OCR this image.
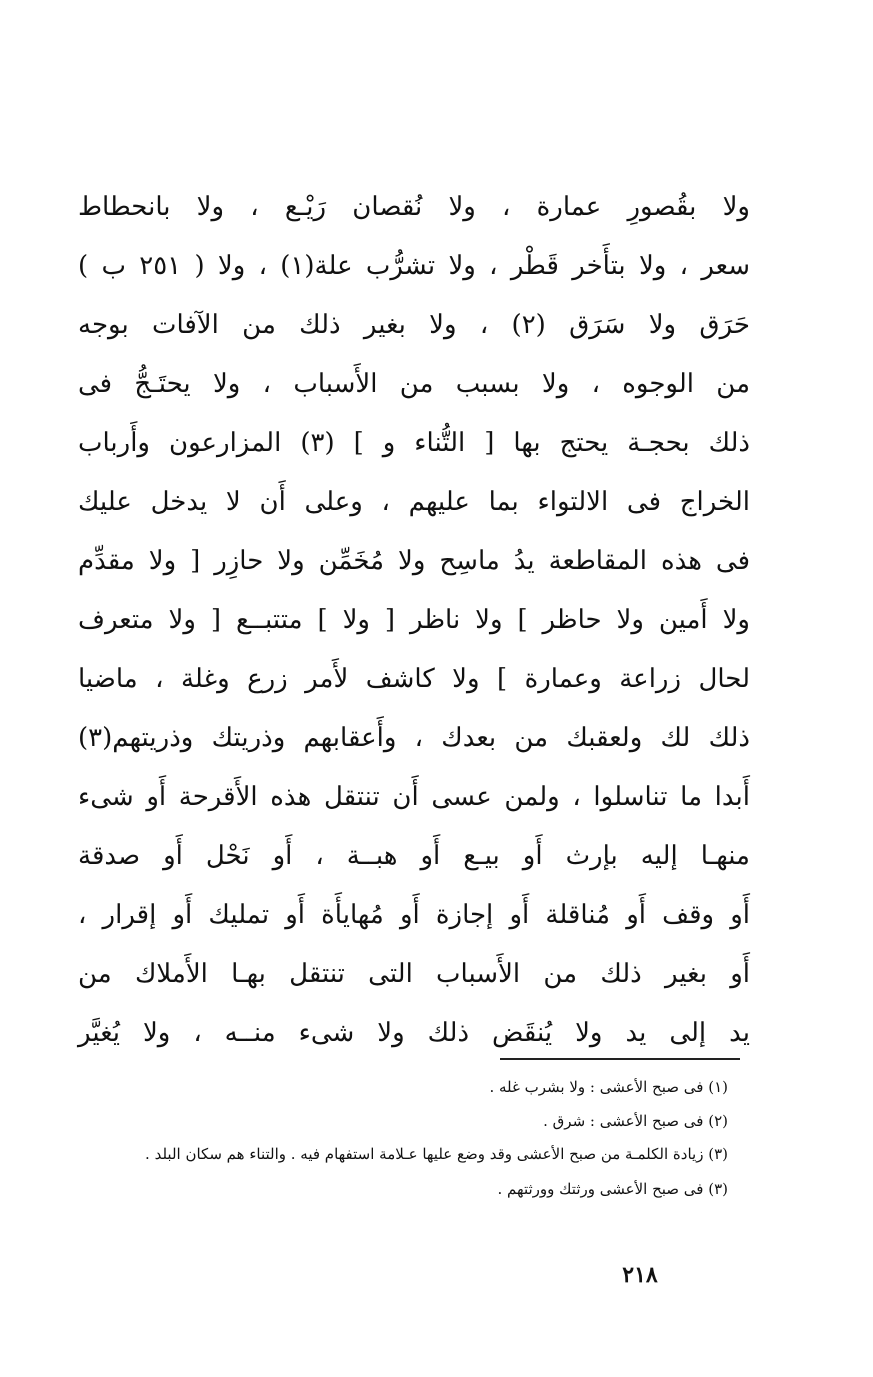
ولا بقُصورِ عمارة ، ولا نُقصان رَيْـع ، ولا بانحطاط
سعر ، ولا بتأَخر قَطْر ، ولا تشرُّب علة(١) ، ولا ( ٢٥١ ب )
حَرَق ولا سَرَق (٢) ، ولا بغير ذلك من الآفات بوجه
من الوجوه ، ولا بسبب من الأَسباب ، ولا يحتَـجُّ فى
ذلك بحجـة يحتج بها [ التُّناء و ] (٣) المزارعون وأَرباب
الخراج فى الالتواء بما عليهم ، وعلى أَن لا يدخل عليك
فى هذه المقاطعة يدُ ماسِح ولا مُخَمِّن ولا حازِر [ ولا مقدِّم
ولا أَمين ولا حاظر ] ولا ناظر [ ولا ] متتبــع [ ولا متعرف
لحال زراعة وعمارة ] ولا كاشف لأَمر زرع وغلة ، ماضيا
ذلك لك ولعقبك من بعدك ، وأَعقابهم وذريتك وذريتهم(٣)
أَبدا ما تناسلوا ، ولمن عسى أَن تنتقل هذه الأَقرحة أَو شىء
منهـا إليه بإرث أَو بيـع أَو هبــة ، أَو نَحْل أَو صدقة
أَو وقف أَو مُناقلة أَو إجازة أَو مُهايأَة أَو تمليك أَو إقرار ،
أَو بغير ذلك من الأَسباب التى تنتقل بهـا الأَملاك من
يد إلى يد ولا يُنقَض ذلك ولا شىء منــه ، ولا يُغيَّر
(١) فى صبح الأعشى : ولا بشرب غله .
(٢) فى صبح الأعشى : شرق .
(٣) زيادة الكلمـة من صبح الأعشى وقد وضع عليها عـلامة استفهام فيه . والتناء هم سكان البلد .
(٣) فى صبح الأعشى ورثتك وورثتهم .
٢١٨
